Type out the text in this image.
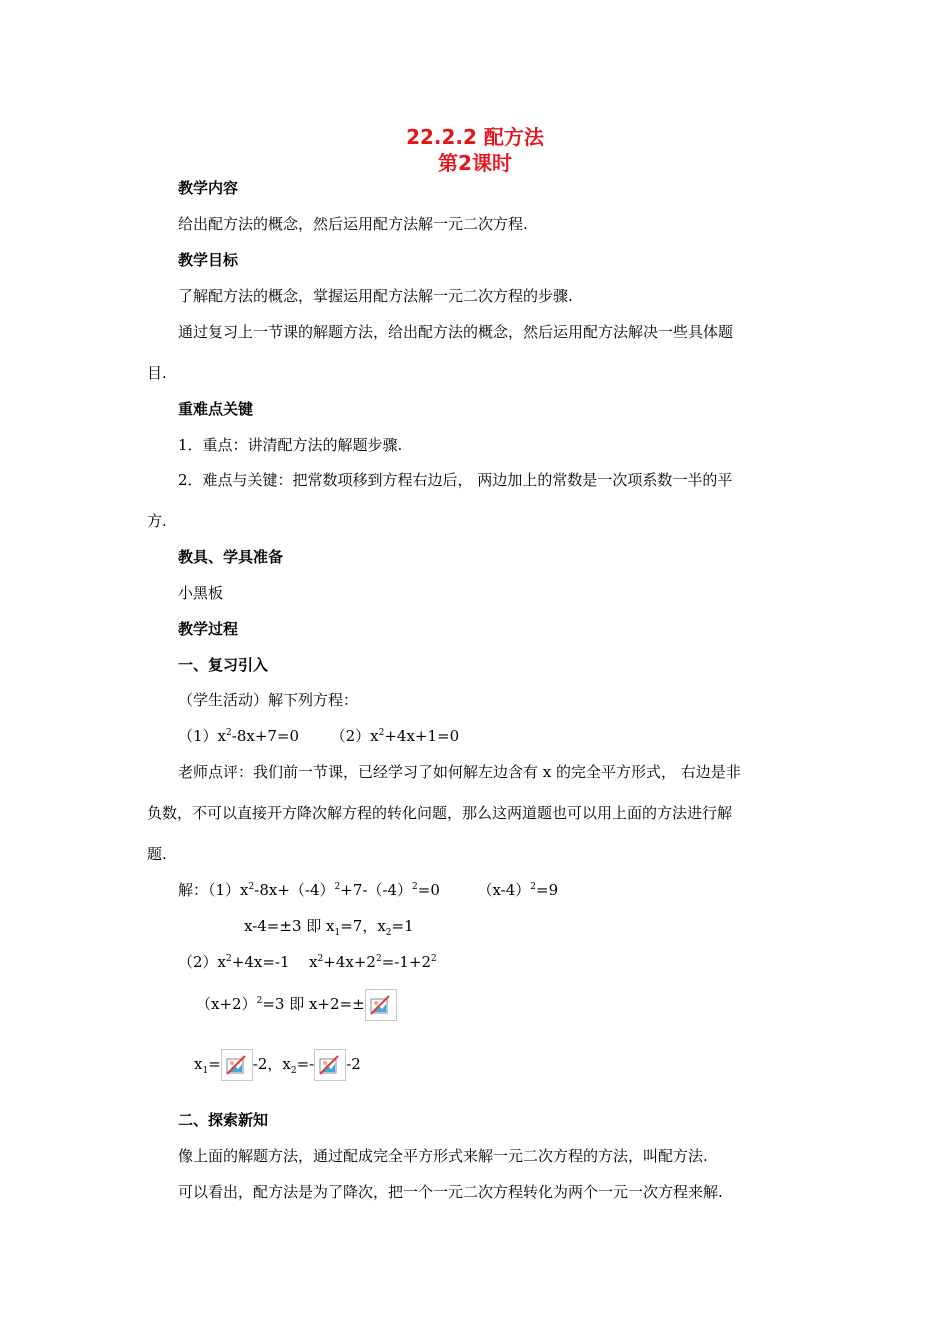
22.2.2 配方法
第2课时
教学内容
给出配方法的概念，然后运用配方法解一元二次方程.
教学目标
了解配方法的概念，掌握运用配方法解一元二次方程的步骤.
通过复习上一节课的解题方法，给出配方法的概念，然后运用配方法解决一些具体题
目.
重难点关键
1．重点：讲清配方法的解题步骤.
2．难点与关键：把常数项移到方程右边后， 两边加上的常数是一次项系数一半的平
方.
教具、学具准备
小黑板
教学过程
一、复习引入
（学生活动）解下列方程：
$(1)x^2-8x+7=0$ $(2)x^2+4x+1=0$
老师点评：我们前一节课，已经学习了如何解左边含有 x 的完全平方形式， 右边是非
负数，不可以直接开方降次解方程的转化问题，那么这两道题也可以用上面的方法进行解
题.
解：$(1)x^2-8x+(-4)^2+7-(-4)^2=0$	$(x-4)^2=9$
x-4=±3 即 $x_1=7$，$x_2=1$
$(2)x^2+4x=-1$ $x^2+4x+2^2=-1+2^2$
$(x+2)^2=3$ 即 x+2=±
$x_1= -2$，$x_2=-$ -2
二、探索新知
像上面的解题方法，通过配成完全平方形式来解一元二次方程的方法，叫配方法.
可以看出，配方法是为了降次，把一个一元二次方程转化为两个一元一次方程来解.
